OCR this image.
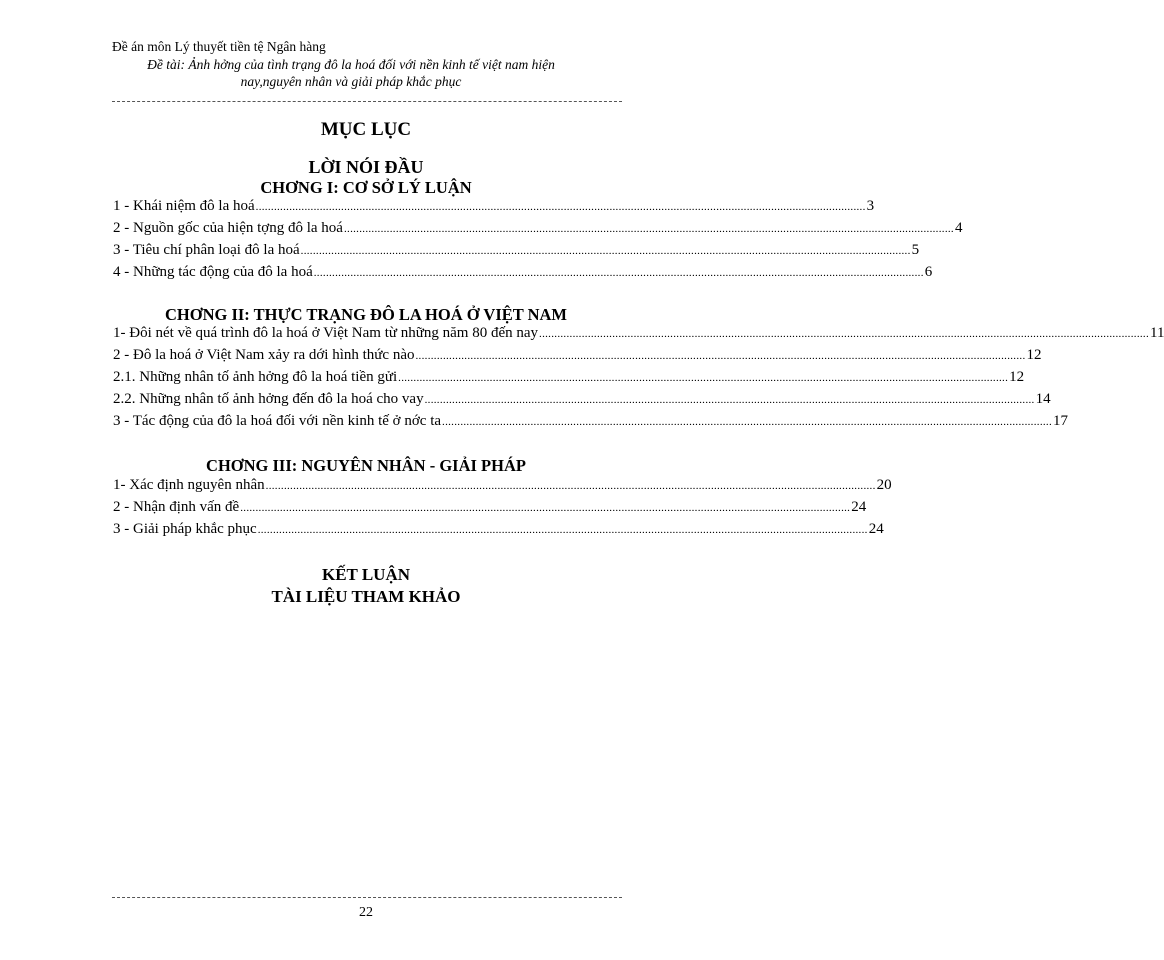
Đề án môn Lý thuyết tiền tệ Ngân hàng
Đề tài: Ảnh hởng của tình trạng đô la hoá đối với nền kinh tế việt nam hiện
nay,nguyên nhân và giải pháp khắc phục
MỤC LỤC
LỜI NÓI ĐẦU
CHƠNG I: CƠ SỞ LÝ LUẬN
1 - Khái niệm đô la hoá ........................................................................................................................................................................................................ 3
2 - Nguồn gốc của hiện tợng đô la hoá ........................................................................................................................................................................................................ 4
3 - Tiêu chí phân loại đô la hoá ........................................................................................................................................................................................................ 5
4 - Những tác động của đô la hoá ........................................................................................................................................................................................................ 6
CHƠNG II: THỰC TRẠNG ĐÔ LA HOÁ Ở VIỆT NAM
1- Đôi nét về quá trình đô la hoá ở Việt Nam từ những năm 80 đến nay ........................................................................................................................................................................................................ 11
2 - Đô la hoá ở Việt Nam xảy ra dới hình thức nào ........................................................................................................................................................................................................ 12
2.1. Những nhân tố ảnh hởng đô la hoá tiền gửi ........................................................................................................................................................................................................ 12
2.2. Những nhân tố ảnh hởng đến đô la hoá cho vay ........................................................................................................................................................................................................ 14
3 - Tác động của đô la hoá đối với nền kinh tế ở nớc ta ........................................................................................................................................................................................................ 17
CHƠNG III: NGUYÊN NHÂN - GIẢI PHÁP
1- Xác định nguyên nhân ........................................................................................................................................................................................................ 20
2 - Nhận định vấn đề ........................................................................................................................................................................................................ 24
3 - Giải pháp khắc phục ........................................................................................................................................................................................................ 24
KẾT LUẬN
TÀI LIỆU THAM KHẢO
22
